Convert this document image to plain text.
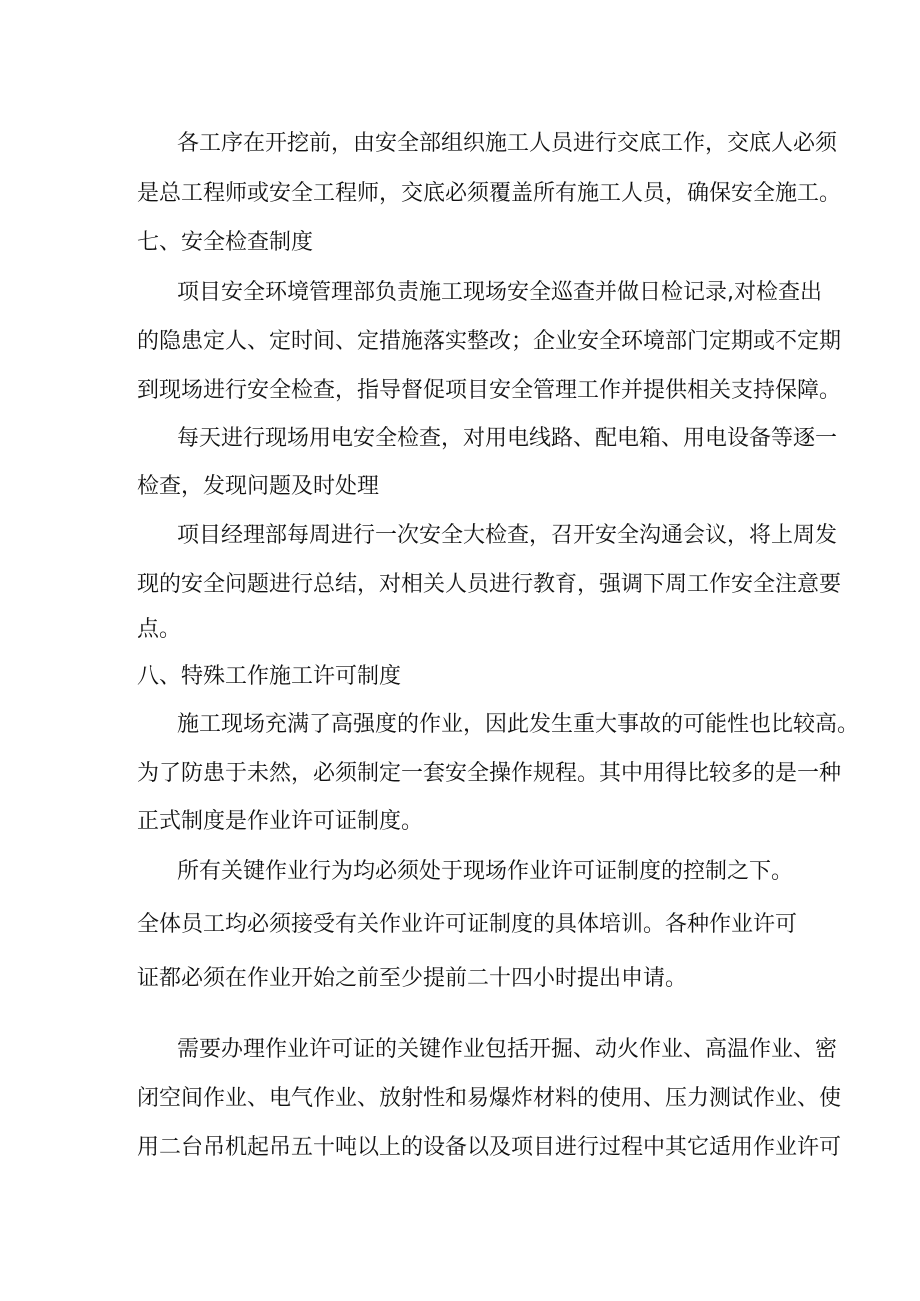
各工序在开挖前，由安全部组织施工人员进行交底工作，交底人必须
是总工程师或安全工程师，交底必须覆盖所有施工人员，确保安全施工。
七、安全检查制度
项目安全环境管理部负责施工现场安全巡查并做日检记录,对检查出
的隐患定人、定时间、定措施落实整改；企业安全环境部门定期或不定期
到现场进行安全检查，指导督促项目安全管理工作并提供相关支持保障。
每天进行现场用电安全检查，对用电线路、配电箱、用电设备等逐一
检查，发现问题及时处理
项目经理部每周进行一次安全大检查，召开安全沟通会议，将上周发
现的安全问题进行总结，对相关人员进行教育，强调下周工作安全注意要
点。
八、特殊工作施工许可制度
施工现场充满了高强度的作业，因此发生重大事故的可能性也比较高。
为了防患于未然，必须制定一套安全操作规程。其中用得比较多的是一种
正式制度是作业许可证制度。
所有关键作业行为均必须处于现场作业许可证制度的控制之下。
全体员工均必须接受有关作业许可证制度的具体培训。各种作业许可
证都必须在作业开始之前至少提前二十四小时提出申请。
需要办理作业许可证的关键作业包括开掘、动火作业、高温作业、密
闭空间作业、电气作业、放射性和易爆炸材料的使用、压力测试作业、使
用二台吊机起吊五十吨以上的设备以及项目进行过程中其它适用作业许可
